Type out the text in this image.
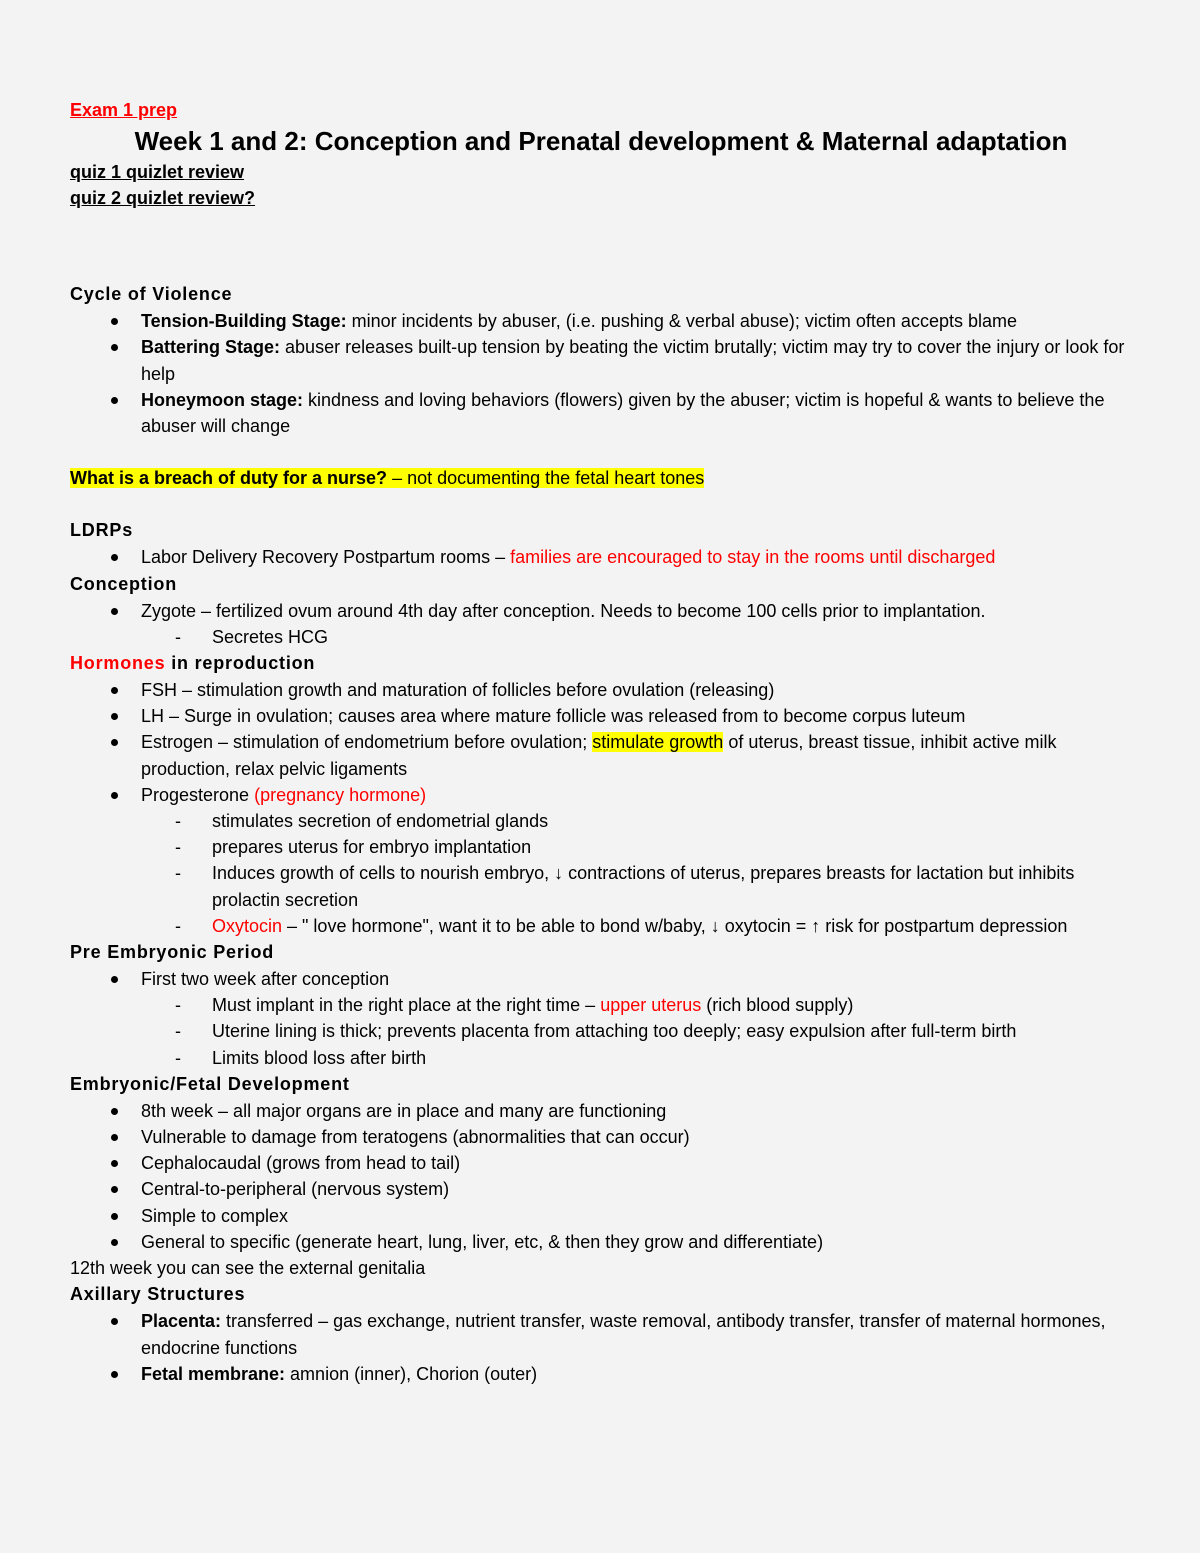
Exam 1 prep
Week 1 and 2: Conception and Prenatal development & Maternal adaptation
quiz 1 quizlet review
quiz 2 quizlet review?
Cycle of Violence
Tension-Building Stage: minor incidents by abuser, (i.e. pushing & verbal abuse); victim often accepts blame
Battering Stage: abuser releases built-up tension by beating the victim brutally; victim may try to cover the injury or look for help
Honeymoon stage: kindness and loving behaviors (flowers) given by the abuser; victim is hopeful & wants to believe the abuser will change
What is a breach of duty for a nurse? – not documenting the fetal heart tones
LDRPs
Labor Delivery Recovery Postpartum rooms – families are encouraged to stay in the rooms until discharged
Conception
Zygote – fertilized ovum around 4th day after conception. Needs to become 100 cells prior to implantation.
- Secretes HCG
Hormones in reproduction
FSH – stimulation growth and maturation of follicles before ovulation (releasing)
LH – Surge in ovulation; causes area where mature follicle was released from to become corpus luteum
Estrogen – stimulation of endometrium before ovulation; stimulate growth of uterus, breast tissue, inhibit active milk production, relax pelvic ligaments
Progesterone (pregnancy hormone)
- stimulates secretion of endometrial glands
- prepares uterus for embryo implantation
- Induces growth of cells to nourish embryo, ↓ contractions of uterus, prepares breasts for lactation but inhibits prolactin secretion
- Oxytocin – " love hormone", want it to be able to bond w/baby, ↓ oxytocin = ↑ risk for postpartum depression
Pre Embryonic Period
First two week after conception
- Must implant in the right place at the right time – upper uterus (rich blood supply)
- Uterine lining is thick; prevents placenta from attaching too deeply; easy expulsion after full-term birth
- Limits blood loss after birth
Embryonic/Fetal Development
8th week – all major organs are in place and many are functioning
Vulnerable to damage from teratogens (abnormalities that can occur)
Cephalocaudal (grows from head to tail)
Central-to-peripheral (nervous system)
Simple to complex
General to specific (generate heart, lung, liver, etc, & then they grow and differentiate)
12th week you can see the external genitalia
Axillary Structures
Placenta: transferred – gas exchange, nutrient transfer, waste removal, antibody transfer, transfer of maternal hormones, endocrine functions
Fetal membrane: amnion (inner), Chorion (outer)
